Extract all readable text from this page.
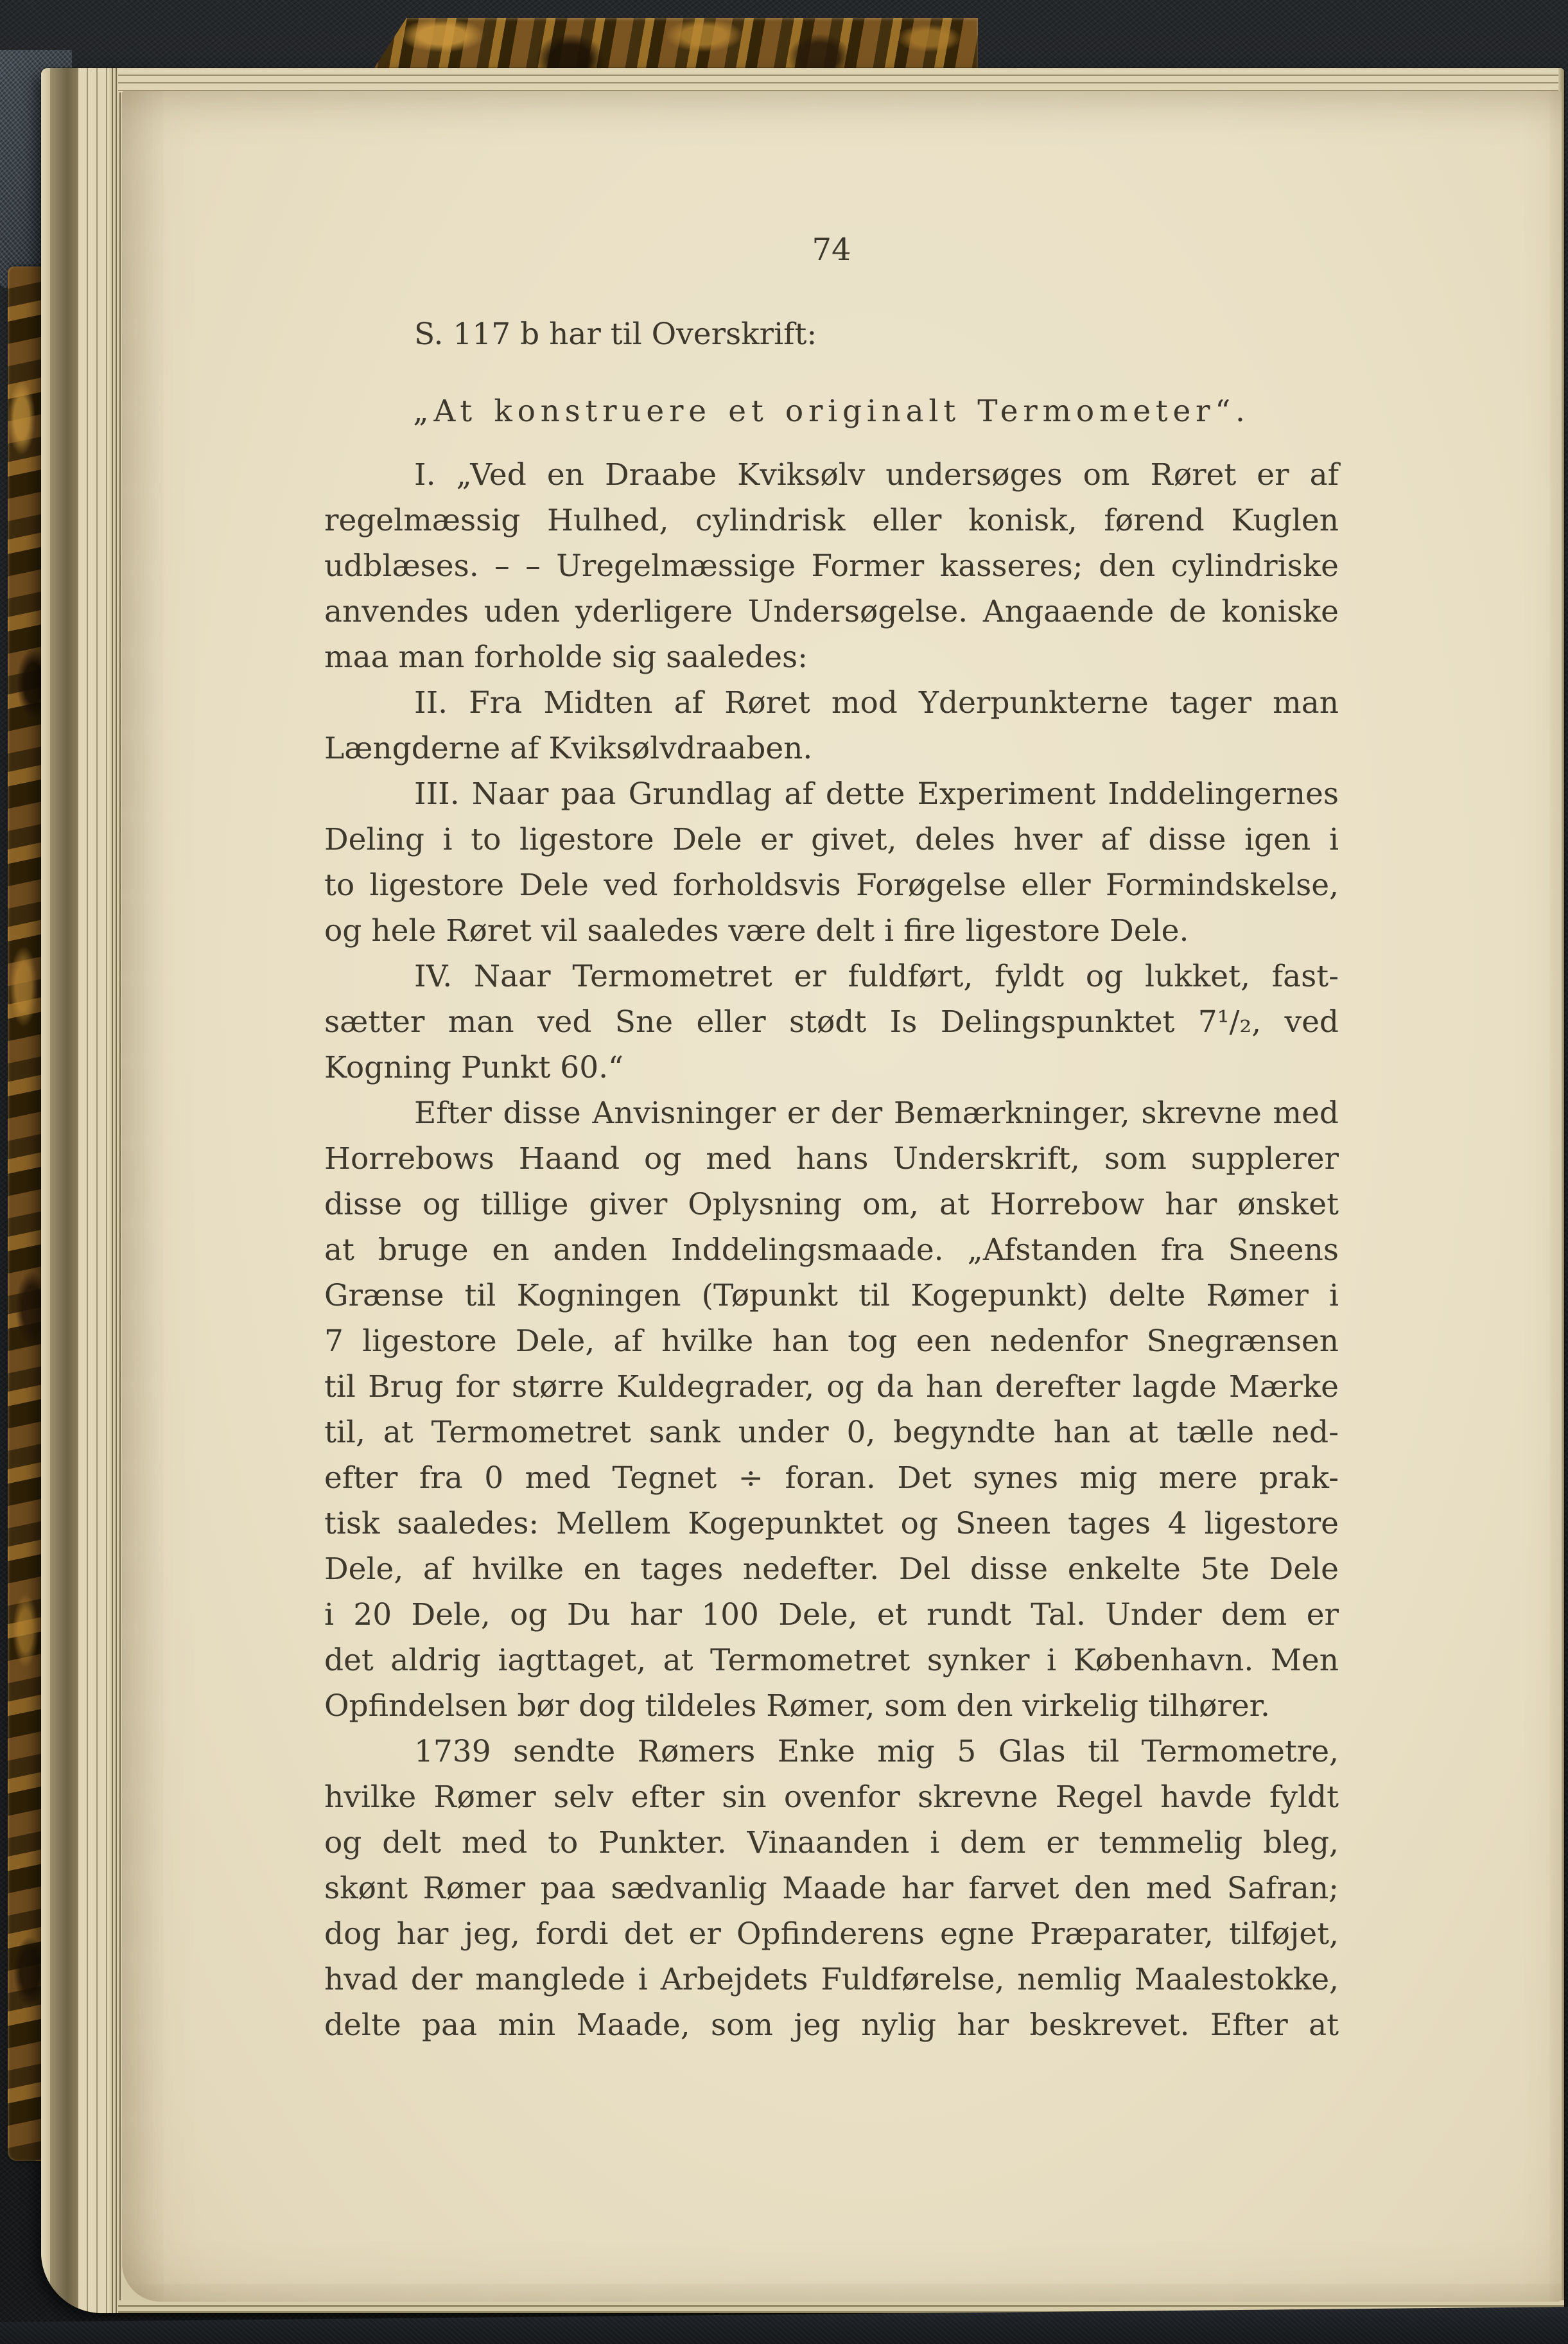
74
S. 117 b har til Overskrift:
„At konstruere et originalt Termometer“.
I. „Ved en Draabe Kviksølv undersøges om Røret er af
regelmæssig Hulhed, cylindrisk eller konisk, førend Kuglen
udblæses. – – Uregelmæssige Former kasseres; den cylindriske
anvendes uden yderligere Undersøgelse. Angaaende de koniske
maa man forholde sig saaledes:
II. Fra Midten af Røret mod Yderpunkterne tager man
Længderne af Kviksølvdraaben.
III. Naar paa Grundlag af dette Experiment Inddelingernes
Deling i to ligestore Dele er givet, deles hver af disse igen i
to ligestore Dele ved forholdsvis Forøgelse eller Formindskelse,
og hele Røret vil saaledes være delt i fire ligestore Dele.
IV. Naar Termometret er fuldført, fyldt og lukket, fast-
sætter man ved Sne eller stødt Is Delingspunktet 7¹/₂, ved
Kogning Punkt 60.“
Efter disse Anvisninger er der Bemærkninger, skrevne med
Horrebows Haand og med hans Underskrift, som supplerer
disse og tillige giver Oplysning om, at Horrebow har ønsket
at bruge en anden Inddelingsmaade. „Afstanden fra Sneens
Grænse til Kogningen (Tøpunkt til Kogepunkt) delte Rømer i
7 ligestore Dele, af hvilke han tog een nedenfor Snegrænsen
til Brug for større Kuldegrader, og da han derefter lagde Mærke
til, at Termometret sank under 0, begyndte han at tælle ned-
efter fra 0 med Tegnet ÷ foran. Det synes mig mere prak-
tisk saaledes: Mellem Kogepunktet og Sneen tages 4 ligestore
Dele, af hvilke en tages nedefter. Del disse enkelte 5te Dele
i 20 Dele, og Du har 100 Dele, et rundt Tal. Under dem er
det aldrig iagttaget, at Termometret synker i København. Men
Opfindelsen bør dog tildeles Rømer, som den virkelig tilhører.
1739 sendte Rømers Enke mig 5 Glas til Termometre,
hvilke Rømer selv efter sin ovenfor skrevne Regel havde fyldt
og delt med to Punkter. Vinaanden i dem er temmelig bleg,
skønt Rømer paa sædvanlig Maade har farvet den med Safran;
dog har jeg, fordi det er Opfinderens egne Præparater, tilføjet,
hvad der manglede i Arbejdets Fuldførelse, nemlig Maalestokke,
delte paa min Maade, som jeg nylig har beskrevet. Efter at
